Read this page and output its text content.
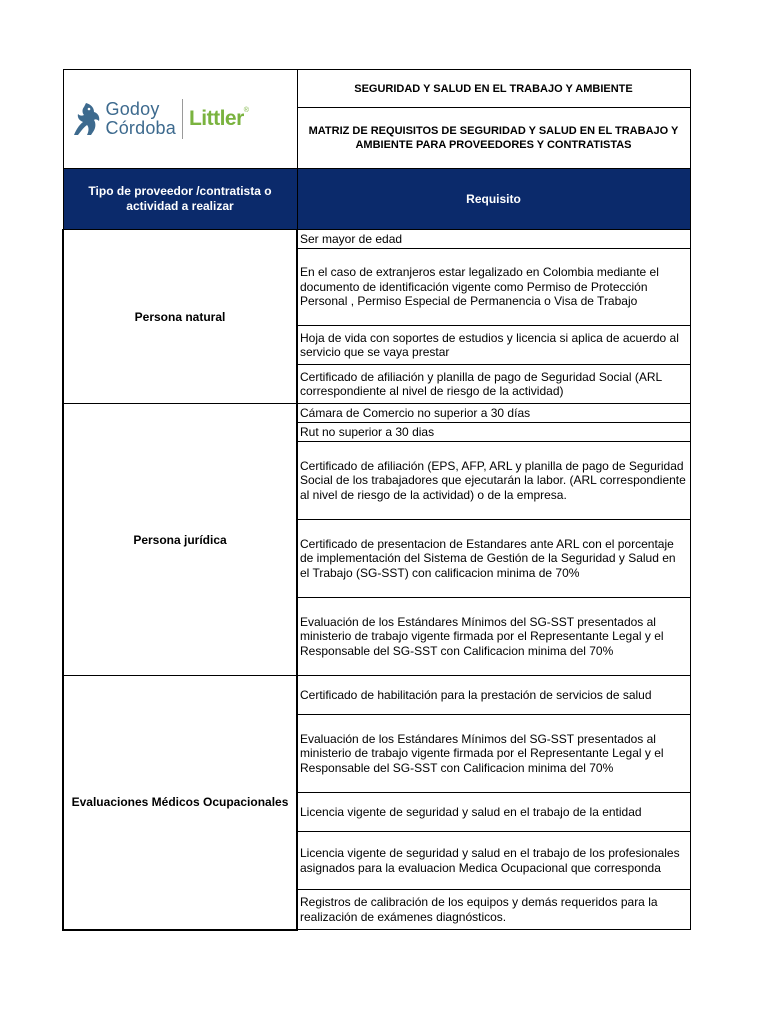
Godoy
Córdoba Littler®	SEGURIDAD Y SALUD EN EL TRABAJO Y AMBIENTE
	MATRIZ DE REQUISITOS DE SEGURIDAD Y SALUD EN EL TRABAJO Y AMBIENTE PARA PROVEEDORES Y CONTRATISTAS
Tipo de proveedor /contratista o actividad a realizar	Requisito
Persona natural	Ser mayor de edad
	En el caso de extranjeros estar legalizado en Colombia mediante el documento de identificación vigente como Permiso de Protección Personal , Permiso Especial de Permanencia o Visa de Trabajo
	Hoja de vida con soportes de estudios y licencia si aplica de acuerdo al servicio que se vaya prestar
	Certificado de afiliación y planilla de pago de Seguridad Social (ARL correspondiente al nivel de riesgo de la actividad)
Persona jurídica	Cámara de Comercio no superior a 30 días
	Rut no superior a 30 dias
	Certificado de afiliación (EPS, AFP, ARL y planilla de pago de Seguridad Social de los trabajadores que ejecutarán la labor. (ARL correspondiente al nivel de riesgo de la actividad) o de la empresa.
	Certificado de presentacion de Estandares ante ARL con el porcentaje de implementación del Sistema de Gestión de la Seguridad y Salud en el Trabajo (SG-SST) con calificacion minima de 70%
	Evaluación de los Estándares Mínimos del SG-SST presentados al ministerio de trabajo vigente firmada por el Representante Legal y el Responsable del SG-SST con Calificacion minima del 70%
Evaluaciones Médicos Ocupacionales	Certificado de habilitación para la prestación de servicios de salud
	Evaluación de los Estándares Mínimos del SG-SST presentados al ministerio de trabajo vigente firmada por el Representante Legal y el Responsable del SG-SST con Calificacion minima del 70%
	Licencia vigente de seguridad y salud en el trabajo de la entidad
	Licencia vigente de seguridad y salud en el trabajo de los profesionales asignados para la evaluacion Medica Ocupacional que corresponda
	Registros de calibración de los equipos y demás requeridos para la realización de exámenes diagnósticos.
